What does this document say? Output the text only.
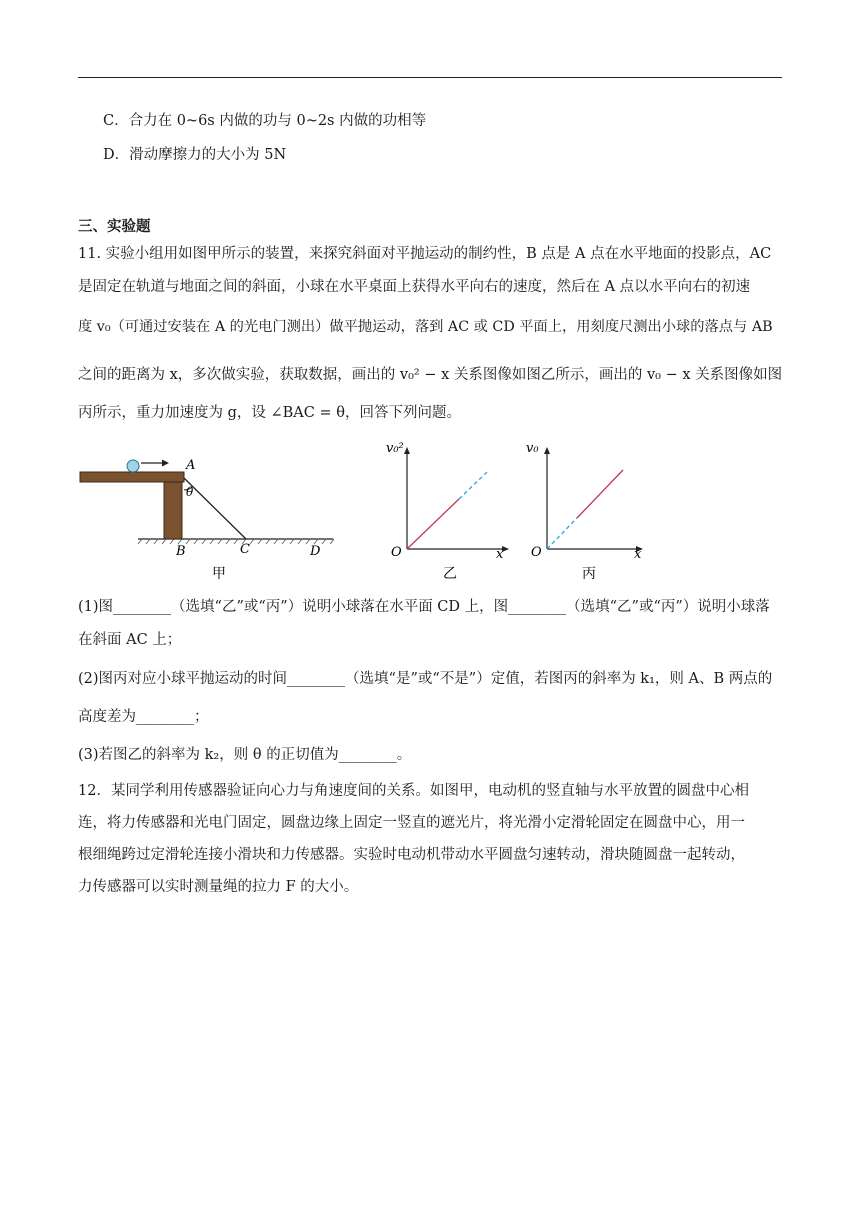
C．合力在 0~6s 内做的功与 0~2s 内做的功相等
D．滑动摩擦力的大小为 5N
三、实验题
11. 实验小组用如图甲所示的装置，来探究斜面对平抛运动的制约性，B 点是 A 点在水平地面的投影点，AC
是固定在轨道与地面之间的斜面，小球在水平桌面上获得水平向右的速度，然后在 A 点以水平向右的初速
度 v₀（可通过安装在 A 的光电门测出）做平抛运动，落到 AC 或 CD 平面上，用刻度尺测出小球的落点与 AB
之间的距离为 x，多次做实验，获取数据，画出的 v₀² − x 关系图像如图乙所示，画出的 v₀ − x 关系图像如图
丙所示，重力加速度为 g，设 ∠BAC = θ，回答下列问题。
A
θ
B	C	D
甲
v₀²
x
O
乙
v₀
x
O
丙
(1)图________（选填“乙”或“丙”）说明小球落在水平面 CD 上，图________（选填“乙”或“丙”）说明小球落
在斜面 AC 上；
(2)图丙对应小球平抛运动的时间________（选填“是”或“不是”）定值，若图丙的斜率为 k₁，则 A、B 两点的
高度差为________；
(3)若图乙的斜率为 k₂，则 θ 的正切值为________。
12．某同学利用传感器验证向心力与角速度间的关系。如图甲，电动机的竖直轴与水平放置的圆盘中心相
连，将力传感器和光电门固定，圆盘边缘上固定一竖直的遮光片，将光滑小定滑轮固定在圆盘中心，用一
根细绳跨过定滑轮连接小滑块和力传感器。实验时电动机带动水平圆盘匀速转动，滑块随圆盘一起转动，
力传感器可以实时测量绳的拉力 F 的大小。
